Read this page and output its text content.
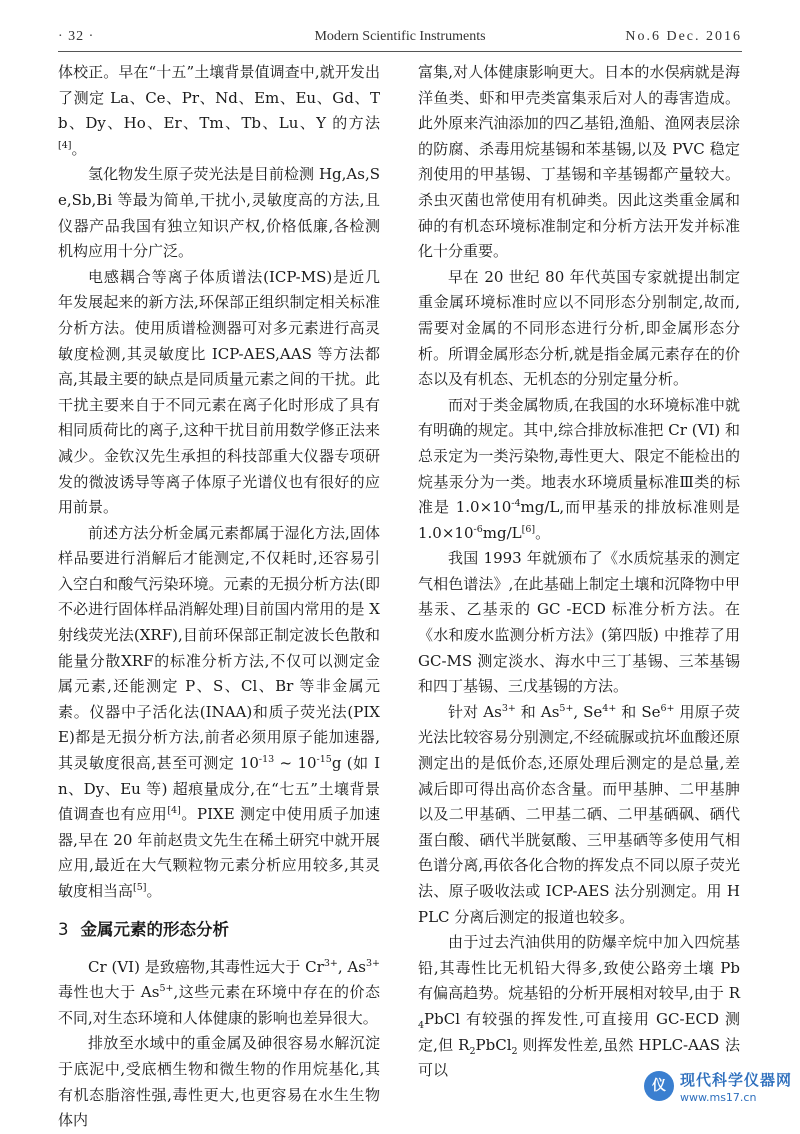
· 32 ·	Modern Scientific Instruments	No.6 Dec. 2016

体校正。早在“十五”土壤背景值调查中,就开发出了测定 La、Ce、Pr、Nd、Em、Eu、Gd、Tb、Dy、Ho、Er、Tm、Tb、Lu、Y 的方法[4]。

氢化物发生原子荧光法是目前检测 Hg,As,Se,Sb,Bi 等最为简单,干扰小,灵敏度高的方法,且仪器产品我国有独立知识产权,价格低廉,各检测机构应用十分广泛。

电感耦合等离子体质谱法(ICP-MS)是近几年发展起来的新方法,环保部正组织制定相关标准分析方法。使用质谱检测器可对多元素进行高灵敏度检测,其灵敏度比 ICP-AES,AAS 等方法都高,其最主要的缺点是同质量元素之间的干扰。此干扰主要来自于不同元素在离子化时形成了具有相同质荷比的离子,这种干扰目前用数学修正法来减少。金钦汉先生承担的科技部重大仪器专项研发的微波诱导等离子体原子光谱仪也有很好的应用前景。

前述方法分析金属元素都属于湿化方法,固体样品要进行消解后才能测定,不仅耗时,还容易引入空白和酸气污染环境。元素的无损分析方法(即不必进行固体样品消解处理)目前国内常用的是 X 射线荧光法(XRF),目前环保部正制定波长色散和能量分散XRF的标准分析方法,不仅可以测定金属元素,还能测定 P、S、Cl、Br 等非金属元素。仪器中子活化法(INAA)和质子荧光法(PIXE)都是无损分析方法,前者必须用原子能加速器,其灵敏度很高,甚至可测定 $10^{-13}$ ~ $10^{-15}g$ (如 In、Dy、Eu 等) 超痕量成分,在“七五”土壤背景值调查也有应用[4]。PIXE 测定中使用质子加速器,早在 20 年前赵贵文先生在稀土研究中就开展应用,最近在大气颗粒物元素分析应用较多,其灵敏度相当高[5]。

3 金属元素的形态分析

Cr (VI) 是致癌物,其毒性远大于 $Cr^{3+}$, $As^{3+}$ 毒性也大于 $As^{5+}$,这些元素在环境中存在的价态不同,对生态环境和人体健康的影响也差异很大。

排放至水域中的重金属及砷很容易水解沉淀于底泥中,受底栖生物和微生物的作用烷基化,其有机态脂溶性强,毒性更大,也更容易在水生生物体内

富集,对人体健康影响更大。日本的水俣病就是海洋鱼类、虾和甲壳类富集汞后对人的毒害造成。此外原来汽油添加的四乙基铅,渔船、渔网表层涂的防腐、杀毒用烷基锡和苯基锡,以及 PVC 稳定剂使用的甲基锡、丁基锡和辛基锡都产量较大。杀虫灭菌也常使用有机砷类。因此这类重金属和砷的有机态环境标准制定和分析方法开发并标准化十分重要。

早在 20 世纪 80 年代英国专家就提出制定重金属环境标准时应以不同形态分别制定,故而,需要对金属的不同形态进行分析,即金属形态分析。所谓金属形态分析,就是指金属元素存在的价态以及有机态、无机态的分别定量分析。

而对于类金属物质,在我国的水环境标准中就有明确的规定。其中,综合排放标准把 Cr (VI) 和总汞定为一类污染物,毒性更大、限定不能检出的烷基汞分为一类。地表水环境质量标准Ⅲ类的标准是 $1.0\times 10^{-4}mg/L$,而甲基汞的排放标准则是 $1.0\times 10^{-6}mg/L[6]$。

我国 1993 年就颁布了《水质烷基汞的测定气相色谱法》,在此基础上制定土壤和沉降物中甲基汞、乙基汞的 GC -ECD 标准分析方法。在《水和废水监测分析方法》(第四版) 中推荐了用 GC-MS 测定淡水、海水中三丁基锡、三苯基锡和四丁基锡、三戊基锡的方法。

针对 $As^{3+}$ 和 $As^{5+}$, $Se^{4+}$ 和 $Se^{6+}$ 用原子荧光法比较容易分别测定,不经硫脲或抗坏血酸还原测定出的是低价态,还原处理后测定的是总量,差减后即可得出高价态含量。而甲基胂、二甲基胂以及二甲基硒、二甲基二硒、二甲基硒砜、硒代蛋白酸、硒代半胱氨酸、三甲基硒等多使用气相色谱分离,再依各化合物的挥发点不同以原子荧光法、原子吸收法或 ICP-AES 法分别测定。用 HPLC 分离后测定的报道也较多。

由于过去汽油供用的防爆辛烷中加入四烷基铅,其毒性比无机铅大得多,致使公路旁土壤 Pb 有偏高趋势。烷基铅的分析开展相对较早,由于 $R_4PbCl$ 有较强的挥发性,可直接用 GC-ECD 测定,但 $R_2PbCl_2$ 则挥发性差,虽然 HPLC-AAS 法可以

仪 现代科学仪器网
www.ms17.cn
